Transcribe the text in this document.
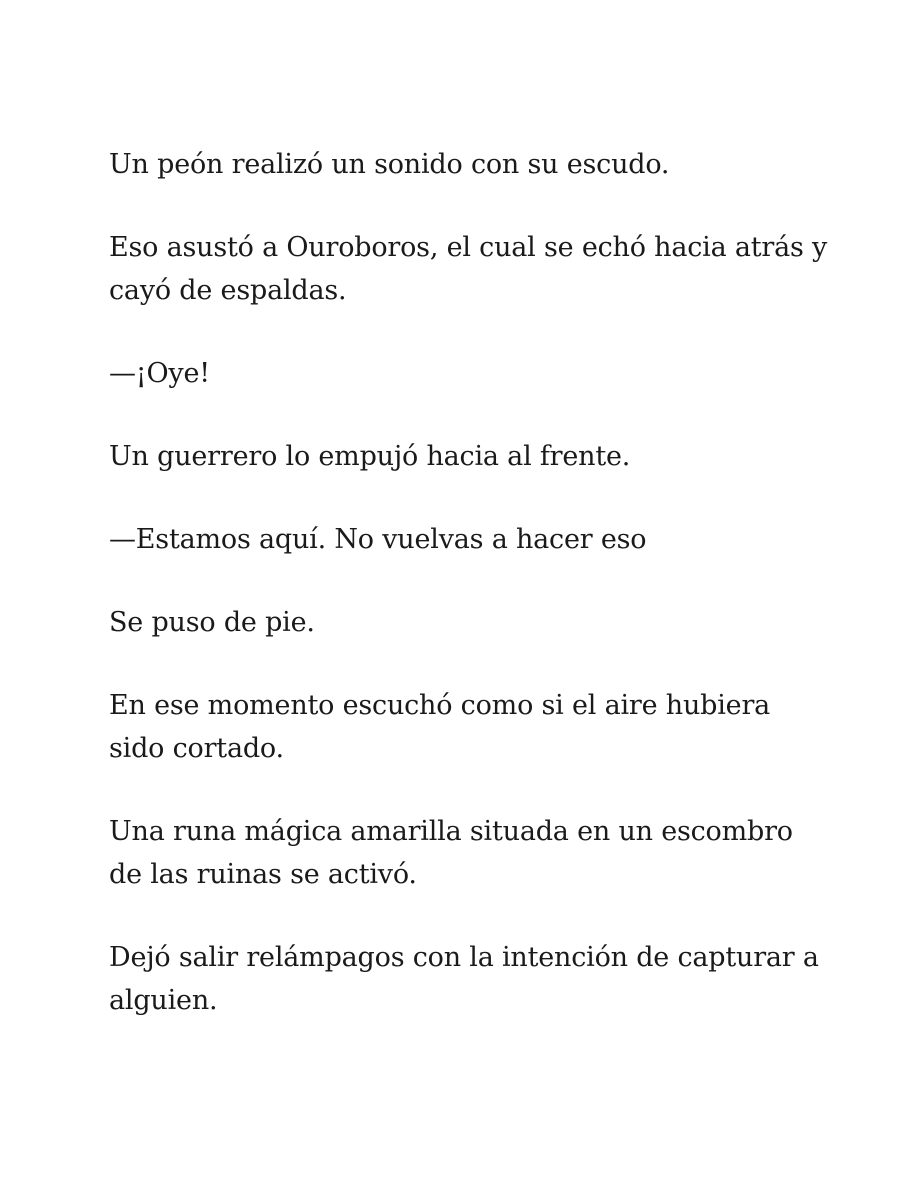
Un peón realizó un sonido con su escudo.

Eso asustó a Ouroboros, el cual se echó hacia atrás y cayó de espaldas.

—¡Oye!

Un guerrero lo empujó hacia al frente.

—Estamos aquí. No vuelvas a hacer eso

Se puso de pie.

En ese momento escuchó como si el aire hubiera sido cortado.

Una runa mágica amarilla situada en un escombro de las ruinas se activó.

Dejó salir relámpagos con la intención de capturar a alguien.
